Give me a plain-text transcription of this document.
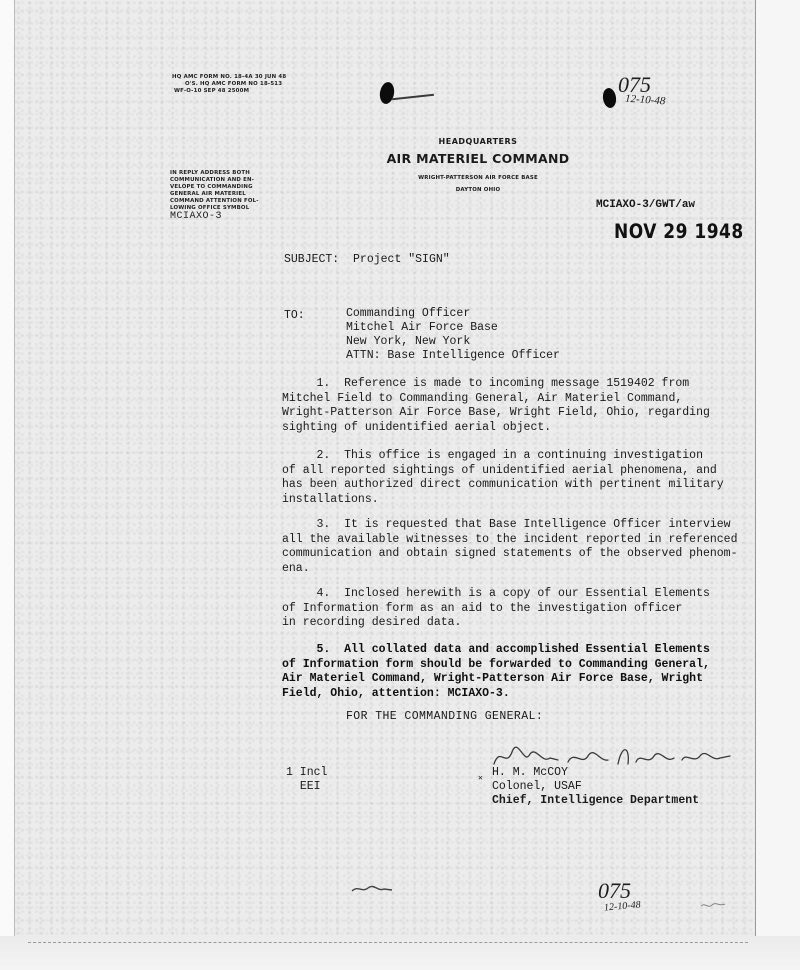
HQ AMC FORM NO. 18-4A 30 JUN 48
O'S. HQ AMC FORM NO 18-513
WF-O-10 SEP 48 2500M	075
12-10-48
HEADQUARTERS
AIR MATERIEL COMMAND
WRIGHT-PATTERSON AIR FORCE BASE
DAYTON OHIO
IN REPLY ADDRESS BOTH
COMMUNICATION AND EN-
VELOPE TO COMMANDING
GENERAL AIR MATERIEL
COMMAND ATTENTION FOL-
LOWING OFFICE SYMBOL
MCIAXO-3
MCIAXO-3/GWT/aw
NOV 29 1948
SUBJECT: Project "SIGN"
TO:	Commanding Officer
Mitchel Air Force Base
New York, New York
ATTN: Base Intelligence Officer
1.  Reference is made to incoming message 1519402 from
Mitchel Field to Commanding General, Air Materiel Command,
Wright-Patterson Air Force Base, Wright Field, Ohio, regarding
sighting of unidentified aerial object.
2.  This office is engaged in a continuing investigation
of all reported sightings of unidentified aerial phenomena, and
has been authorized direct communication with pertinent military
installations.
3.  It is requested that Base Intelligence Officer interview
all the available witnesses to the incident reported in referenced
communication and obtain signed statements of the observed phenom-
ena.
4.  Inclosed herewith is a copy of our Essential Elements
of Information form as an aid to the investigation officer
in recording desired data.
5.  All collated data and accomplished Essential Elements
of Information form should be forwarded to Commanding General,
Air Materiel Command, Wright-Patterson Air Force Base, Wright
Field, Ohio, attention: MCIAXO-3.
FOR THE COMMANDING GENERAL:
1 Incl
EEI
✕ H. M. McCOY
Colonel, USAF
Chief, Intelligence Department
075
12-10-48
